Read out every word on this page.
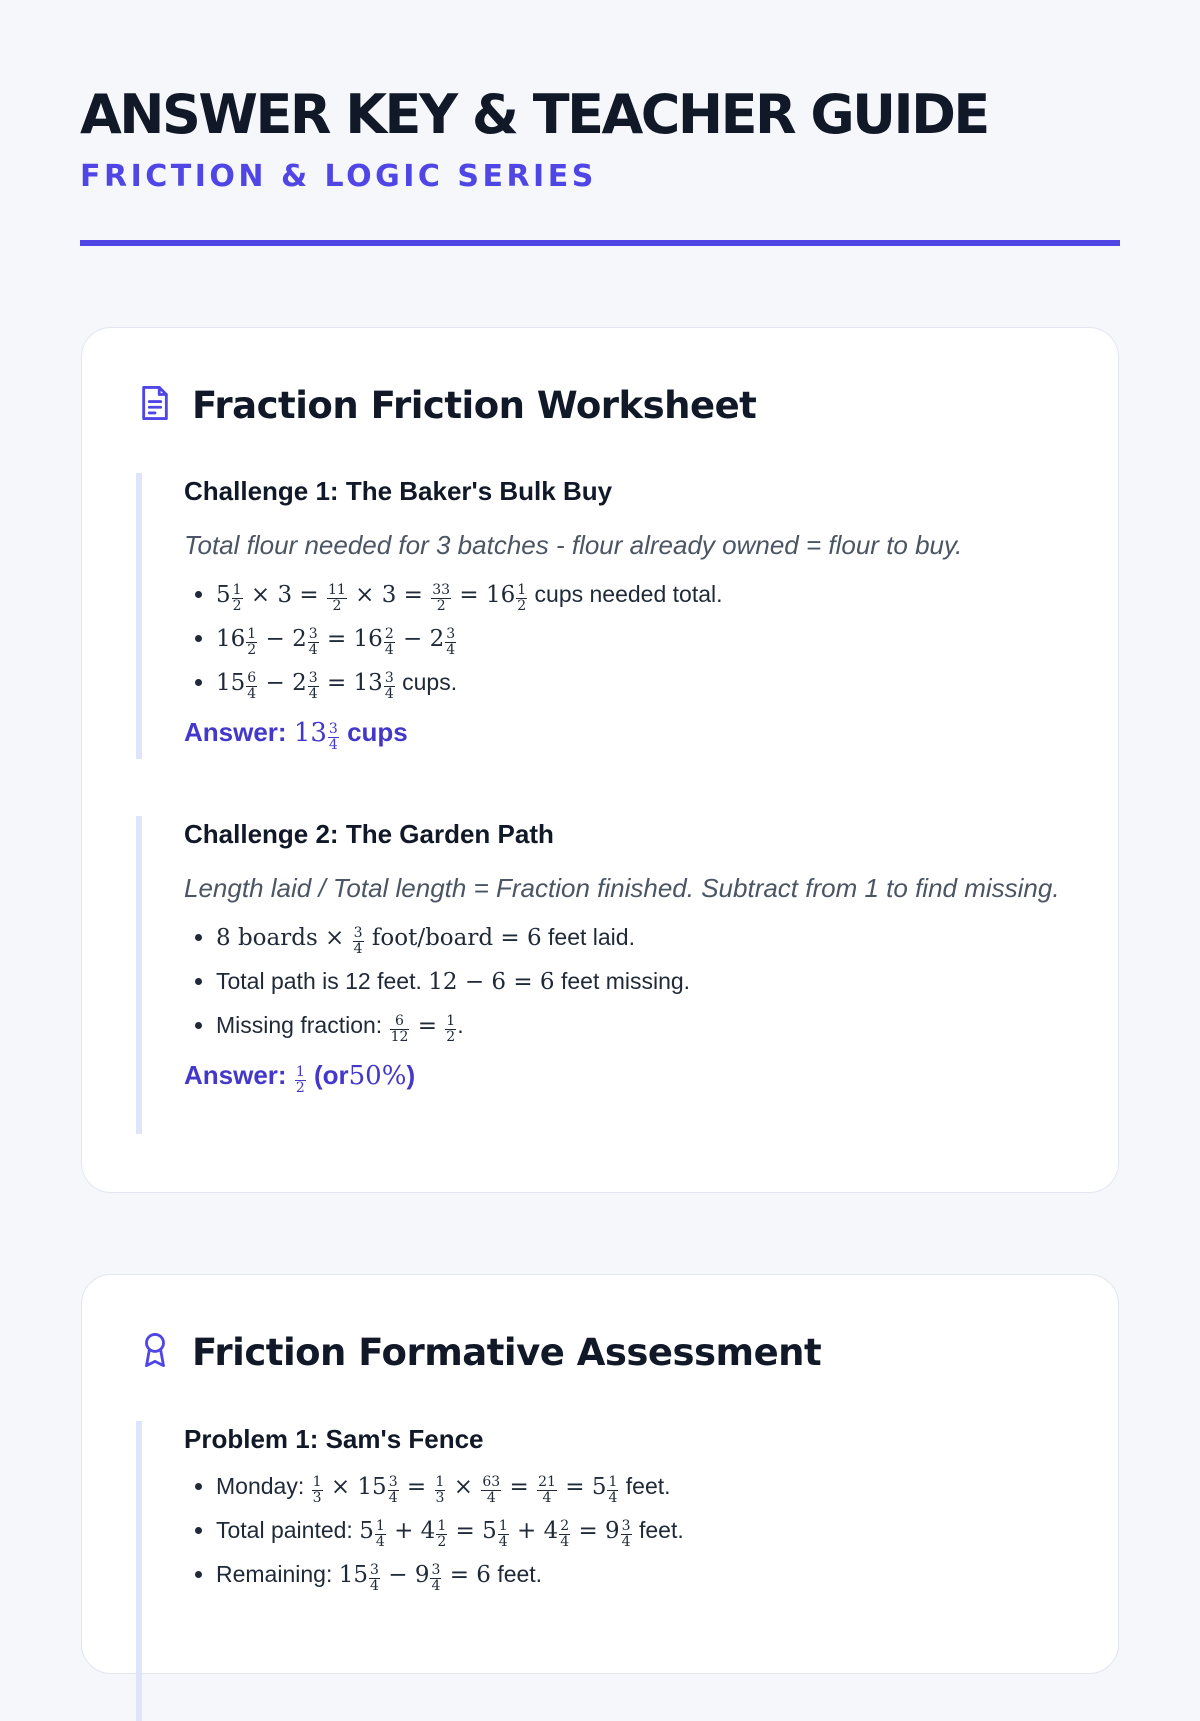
ANSWER KEY & TEACHER GUIDE
FRICTION & LOGIC SERIES
Fraction Friction Worksheet
Challenge 1: The Baker's Bulk Buy
Total flour needed for 3 batches - flour already owned = flour to buy.
• $5 \frac{1}{2} \times 3 = \frac{11}{2} \times 3 = \frac{33}{2} = 16 \frac{1}{2}$ cups needed total.
• $16 \frac{1}{2} - 2 \frac{3}{4} = 16 \frac{2}{4} - 2 \frac{3}{4}$
• $15 \frac{6}{4} - 2 \frac{3}{4} = 13 \frac{3}{4}$ cups.
Answer: $13 \frac{3}{4}$ cups
Challenge 2: The Garden Path
Length laid / Total length = Fraction finished. Subtract from 1 to find missing.
• 8 boards × $\frac{3}{4}$ foot/board = 6 feet laid.
• Total path is 12 feet. 12 − 6 = 6 feet missing.
• Missing fraction: $\frac{6}{12} = \frac{1}{2}$ .
Answer: $\frac{1}{2} (or50\%)$
Friction Formative Assessment
Problem 1: Sam's Fence
• Monday: $\frac{1}{3} \times 15 \frac{3}{4} = \frac{1}{3} \times \frac{63}{4} = \frac{21}{4} = 5 \frac{1}{4}$ feet.
• Total painted: $5 \frac{1}{4} + 4 \frac{1}{2} = 5 \frac{1}{4} + 4 \frac{2}{4} = 9 \frac{3}{4}$ feet.
• Remaining: $15 \frac{3}{4} - 9 \frac{3}{4} = 6$ feet.
